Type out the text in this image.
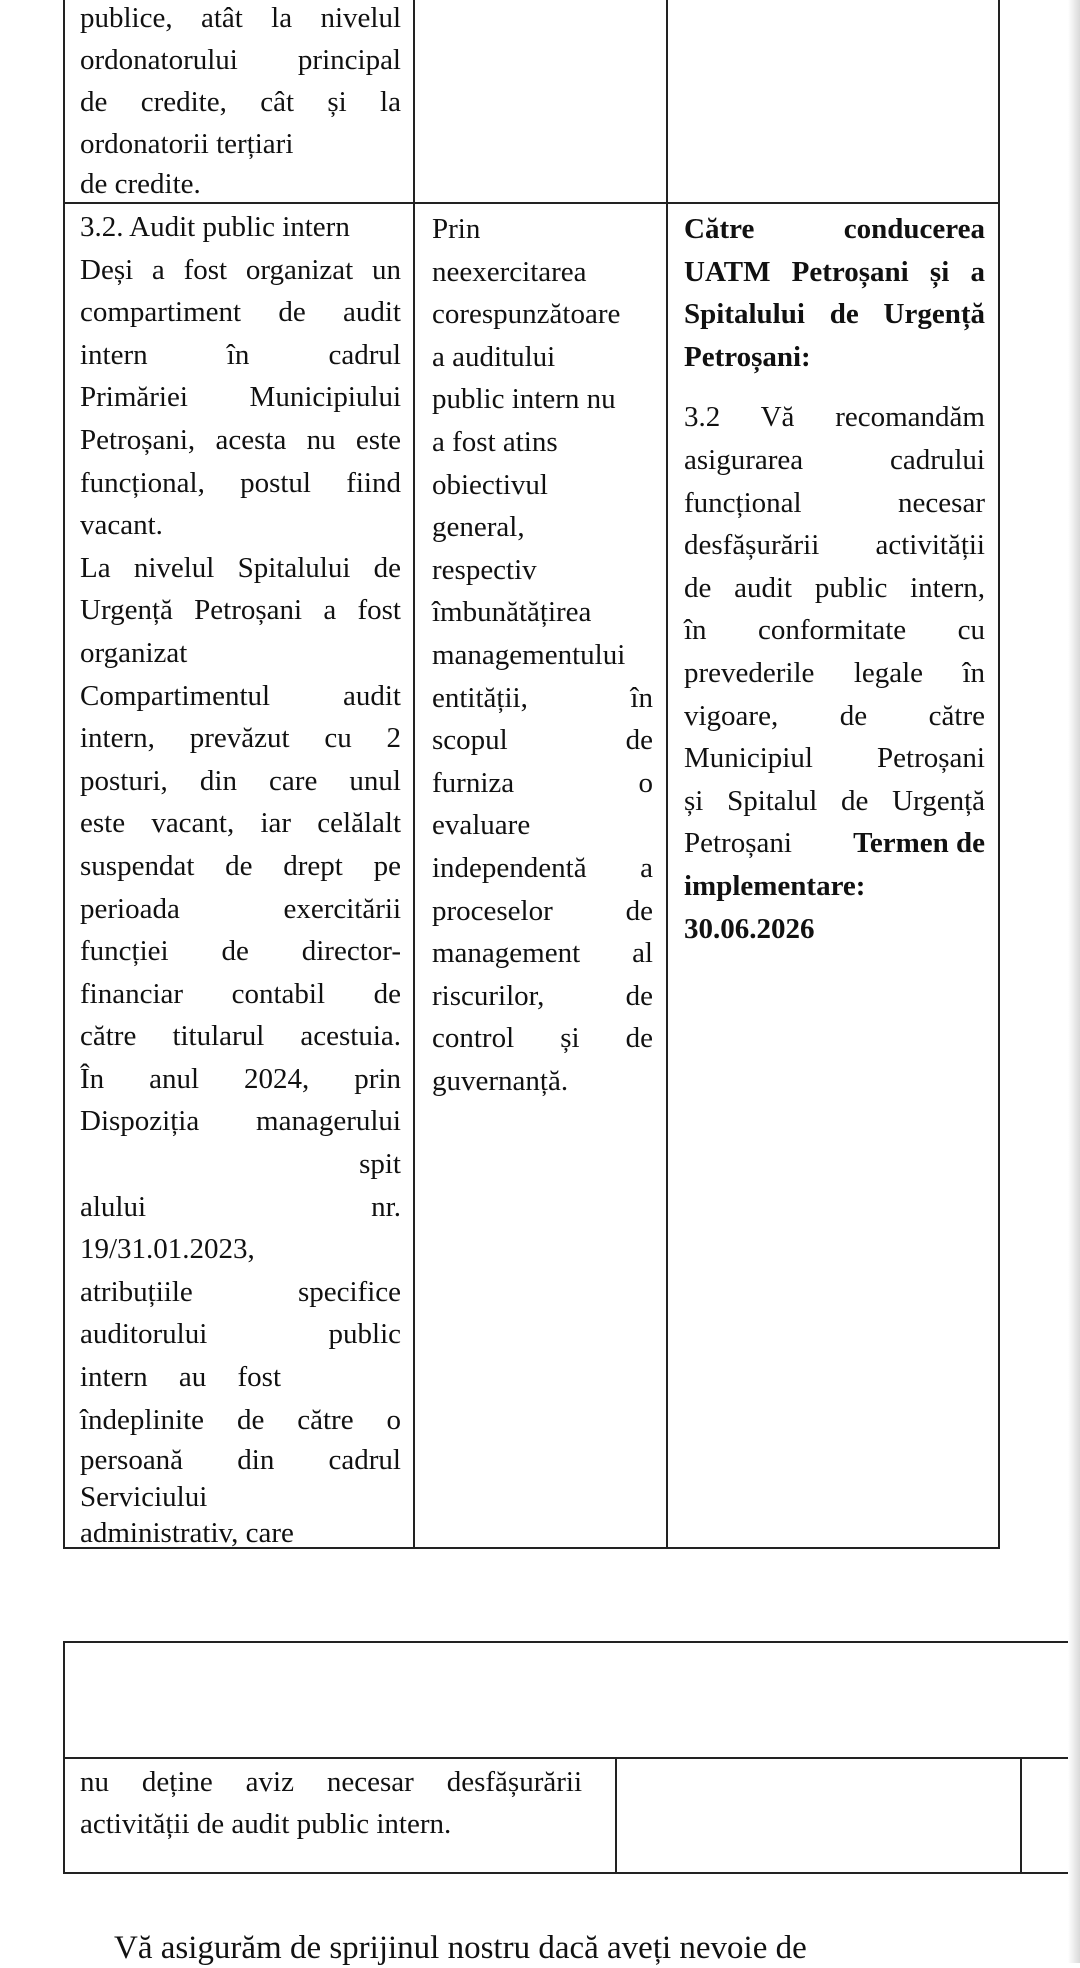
publice, atât la nivelul
ordonatorului principal
de credite, cât și la
ordonatorii terțiari
de credite.
3.2. Audit public intern
Deși a fost organizat un
compartiment de audit
intern în cadrul
Primăriei Municipiului
Petroșani, acesta nu este
funcțional, postul fiind
vacant.
La nivelul Spitalului de
Urgență Petroșani a fost
organizat
Compartimentul audit
intern, prevăzut cu 2
posturi, din care unul
este vacant, iar celălalt
suspendat de drept pe
perioada exercitării
funcției de director-
financiar contabil de
către titularul acestuia.
În anul 2024, prin
Dispoziția managerului
spit
alului nr.
19/31.01.2023,
atribuțiile specifice
auditorului public
intern au fost
îndeplinite de către o
persoană din cadrul
Serviciului
administrativ, care
Prin
neexercitarea
corespunzătoare
a auditului
public intern nu
a fost atins
obiectivul
general,
respectiv
îmbunătățirea
managementului
entității, în
scopul de
furniza o
evaluare
independentă a
proceselor de
management al
riscurilor, de
control și de
guvernanță.
Către conducerea
UATM Petroșani și a
Spitalului de Urgență
Petroșani:
3.2 Vă recomandăm
asigurarea cadrului
funcțional necesar
desfășurării activității
de audit public intern,
în conformitate cu
prevederile legale în
vigoare, de către
Municipiul Petroșani
și Spitalul de Urgență
Petroșani Termen de
implementare:
30.06.2026
nu deține aviz necesar desfășurării
activității de audit public intern.
Vă asigurăm de sprijinul nostru dacă aveți nevoie de
